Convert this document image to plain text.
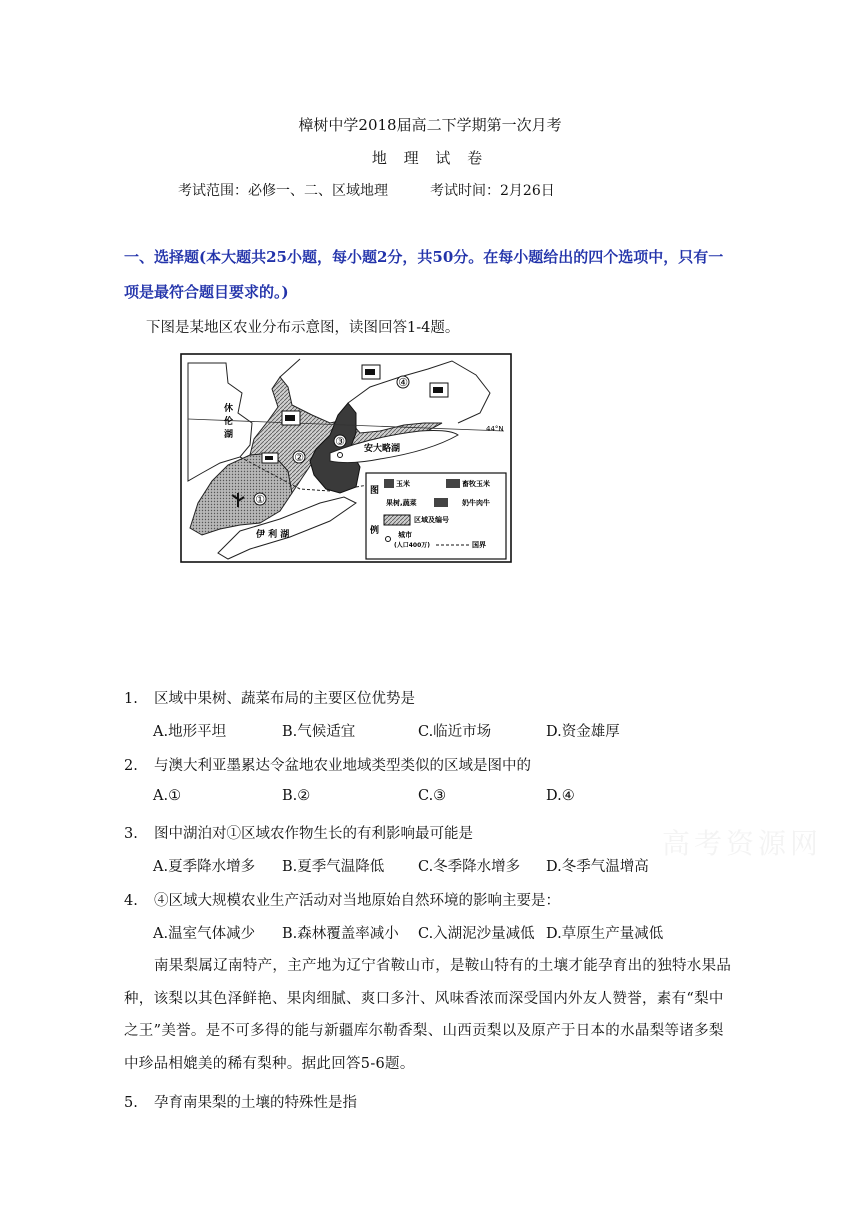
樟树中学2018届高二下学期第一次月考
地 理 试 卷
考试范围：必修一、二、区域地理	考试时间：2月26日
一、选择题(本大题共25小题，每小题2分，共50分。在每小题给出的四个选项中，只有一
项是最符合题目要求的。)
下图是某地区农业分布示意图，读图回答1-4题。
44°N
①
②
③
④
休
伦
湖
伊 利 湖
安大略湖
图
例
玉米	畜牧玉米
果树,蔬菜	奶牛肉牛
区域及编号
城市
(人口400万)	国界
1. 区域中果树、蔬菜布局的主要区位优势是
A.地形平坦	B.气候适宜	C.临近市场	D.资金雄厚
2. 与澳大利亚墨累达令盆地农业地域类型类似的区域是图中的
A.①	B.②	C.③	D.④
3. 图中湖泊对①区域农作物生长的有利影响最可能是
A.夏季降水增多 B.夏季气温降低 C.冬季降水增多 D.冬季气温增高
4. ④区域大规模农业生产活动对当地原始自然环境的影响主要是：
A.温室气体减少 B.森林覆盖率减小 C.入湖泥沙量减低 D.草原生产量减低
南果梨属辽南特产，主产地为辽宁省鞍山市，是鞍山特有的土壤才能孕育出的独特水果品种，该梨以其色泽鲜艳、果肉细腻、爽口多汁、风味香浓而深受国内外友人赞誉，素有“梨中之王”美誉。是不可多得的能与新疆库尔勒香梨、山西贡梨以及原产于日本的水晶梨等诸多梨中珍品相媲美的稀有梨种。据此回答5-6题。
5. 孕育南果梨的土壤的特殊性是指
高考资源网
